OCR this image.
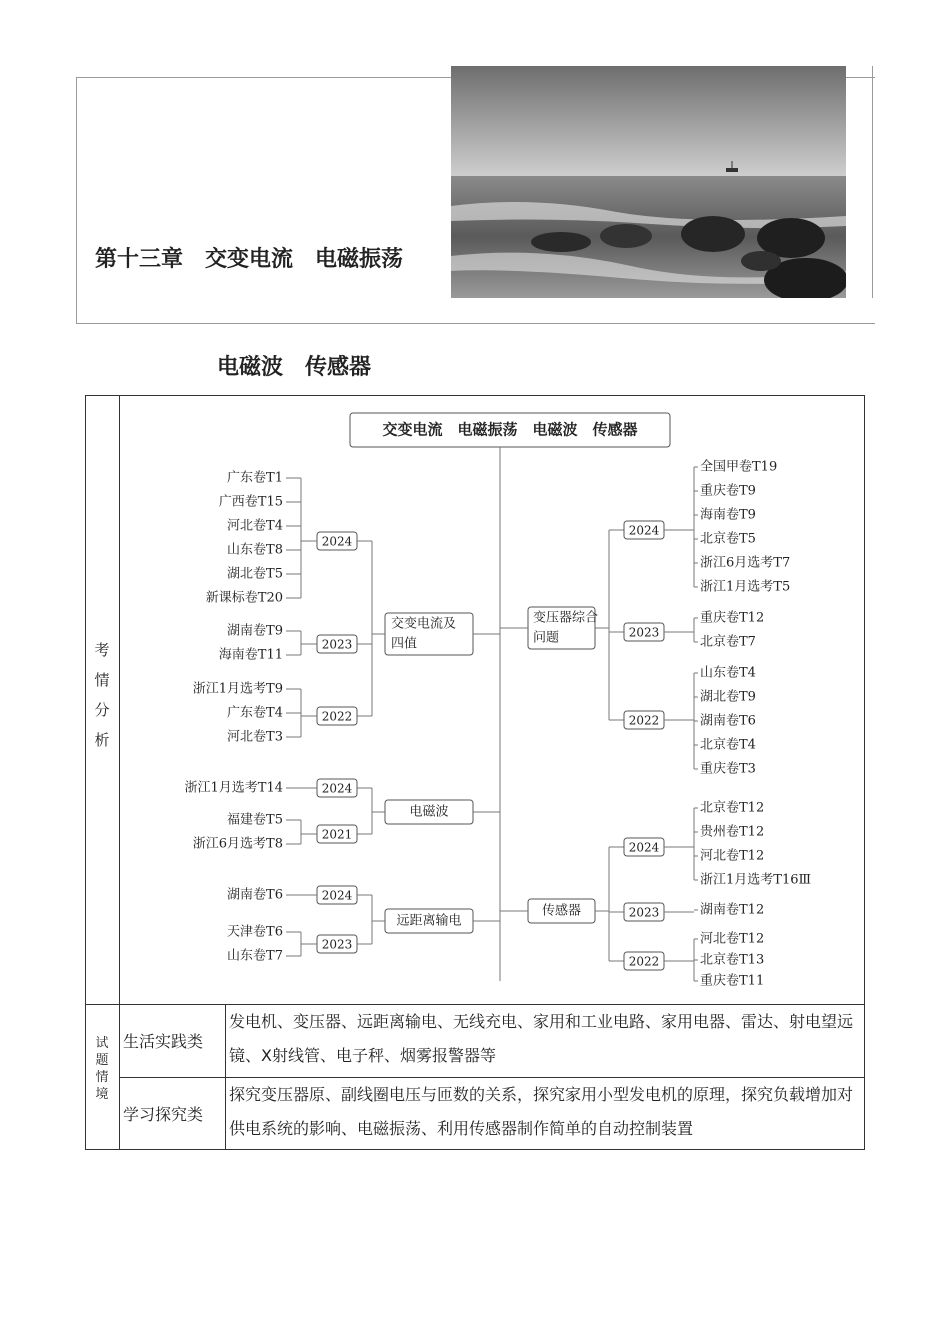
第十三章　交变电流　电磁振荡

电磁波　传感器

考
情
分
析
试
题
情
境
生活实践类
发电机、变压器、远距离输电、无线充电、家用和工业电路、家用电器、雷达、射电望远镜、X射线管、电子秤、烟雾报警器等
学习探究类
探究变压器原、副线圈电压与匝数的关系，探究家用小型发电机的原理，探究负载增加对供电系统的影响、电磁振荡、利用传感器制作简单的自动控制装置
交变电流　电磁振荡　电磁波　传感器
交变电流及
四值
2024
广东卷T1
广西卷T15
河北卷T4
山东卷T8
湖北卷T5
新课标卷T20
2023
湖南卷T9
海南卷T11
2022
浙江1月选考T9
广东卷T4
河北卷T3
电磁波
2024
浙江1月选考T14
2021
福建卷T5
浙江6月选考T8
远距离输电
2024
湖南卷T6
2023
天津卷T6
山东卷T7
变压器综合
问题
2024
全国甲卷T19
重庆卷T9
海南卷T9
北京卷T5
浙江6月选考T7
浙江1月选考T5
2023
重庆卷T12
北京卷T7
2022
山东卷T4
湖北卷T9
湖南卷T6
北京卷T4
重庆卷T3
传感器
2024
北京卷T12
贵州卷T12
河北卷T12
浙江1月选考T16Ⅲ
2023	湖南卷T12
2022
河北卷T12
北京卷T13
重庆卷T11
